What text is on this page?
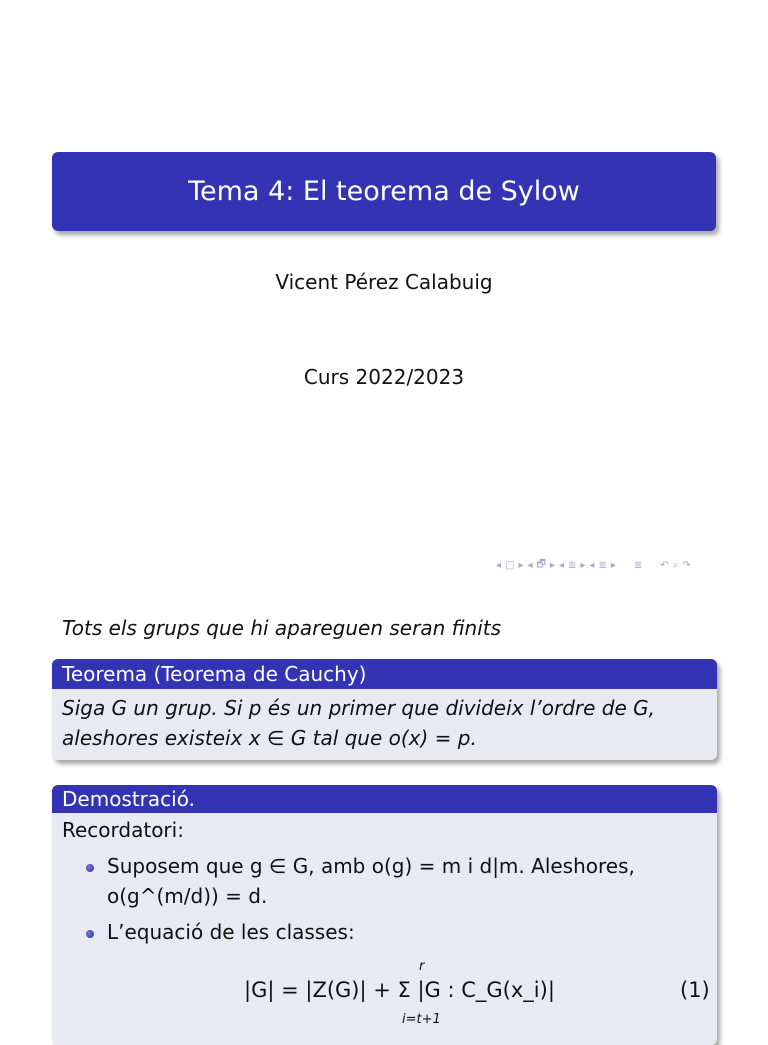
Tema 4: El teorema de Sylow
Vicent Pérez Calabuig
Curs 2022/2023
◂ □ ▸ ◂ 🗗 ▸ ◂ ≣ ▸ ◂ ≣ ▸ ≣ ↶ ⌕ ↷
Tots els grups que hi apareguen seran finits
Teorema (Teorema de Cauchy)
Siga G un grup. Si p és un primer que divideix l’ordre de G,
aleshores existeix x ∈ G tal que o(x) = p.
Demostració.
Recordatori:
Suposem que g ∈ G, amb o(g) = m i d|m. Aleshores,
o(g^(m/d)) = d.
L’equació de les classes:
|G| = |Z(G)| + Σ |G : C_G(x_i)|
r
i=t+1
(1)
